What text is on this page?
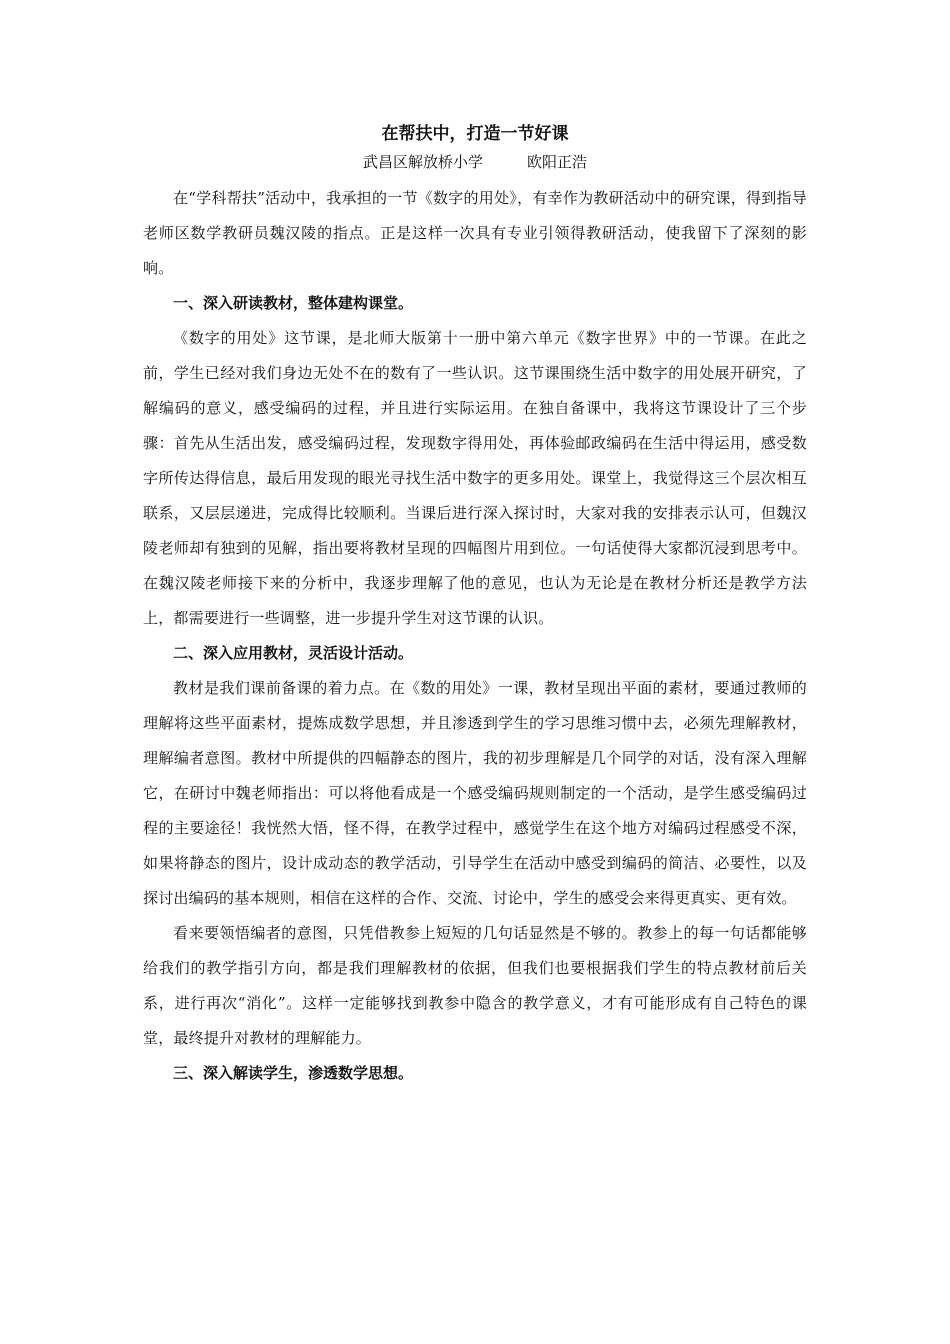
在帮扶中，打造一节好课

武昌区解放桥小学	欧阳正浩

在“学科帮扶”活动中，我承担的一节《数字的用处》，有幸作为教研活动中的研究课，得到指导老师区数学教研员魏汉陵的指点。正是这样一次具有专业引领得教研活动，使我留下了深刻的影响。

一、深入研读教材，整体建构课堂。

《数字的用处》这节课，是北师大版第十一册中第六单元《数字世界》中的一节课。在此之前，学生已经对我们身边无处不在的数有了一些认识。这节课围绕生活中数字的用处展开研究，了解编码的意义，感受编码的过程，并且进行实际运用。在独自备课中，我将这节课设计了三个步骤：首先从生活出发，感受编码过程，发现数字得用处，再体验邮政编码在生活中得运用，感受数字所传达得信息，最后用发现的眼光寻找生活中数字的更多用处。课堂上，我觉得这三个层次相互联系，又层层递进，完成得比较顺利。当课后进行深入探讨时，大家对我的安排表示认可，但魏汉陵老师却有独到的见解，指出要将教材呈现的四幅图片用到位。一句话使得大家都沉浸到思考中。在魏汉陵老师接下来的分析中，我逐步理解了他的意见，也认为无论是在教材分析还是教学方法上，都需要进行一些调整，进一步提升学生对这节课的认识。

二、深入应用教材，灵活设计活动。

教材是我们课前备课的着力点。在《数的用处》一课，教材呈现出平面的素材，要通过教师的理解将这些平面素材，提炼成数学思想，并且渗透到学生的学习思维习惯中去，必须先理解教材，理解编者意图。教材中所提供的四幅静态的图片，我的初步理解是几个同学的对话，没有深入理解它，在研讨中魏老师指出：可以将他看成是一个感受编码规则制定的一个活动，是学生感受编码过程的主要途径！我恍然大悟，怪不得，在教学过程中，感觉学生在这个地方对编码过程感受不深，如果将静态的图片，设计成动态的教学活动，引导学生在活动中感受到编码的简洁、必要性，以及探讨出编码的基本规则，相信在这样的合作、交流、讨论中，学生的感受会来得更真实、更有效。

看来要领悟编者的意图，只凭借教参上短短的几句话显然是不够的。教参上的每一句话都能够给我们的教学指引方向，都是我们理解教材的依据，但我们也要根据我们学生的特点教材前后关系，进行再次“消化”。这样一定能够找到教参中隐含的教学意义，才有可能形成有自己特色的课堂，最终提升对教材的理解能力。

三、深入解读学生，渗透数学思想。
